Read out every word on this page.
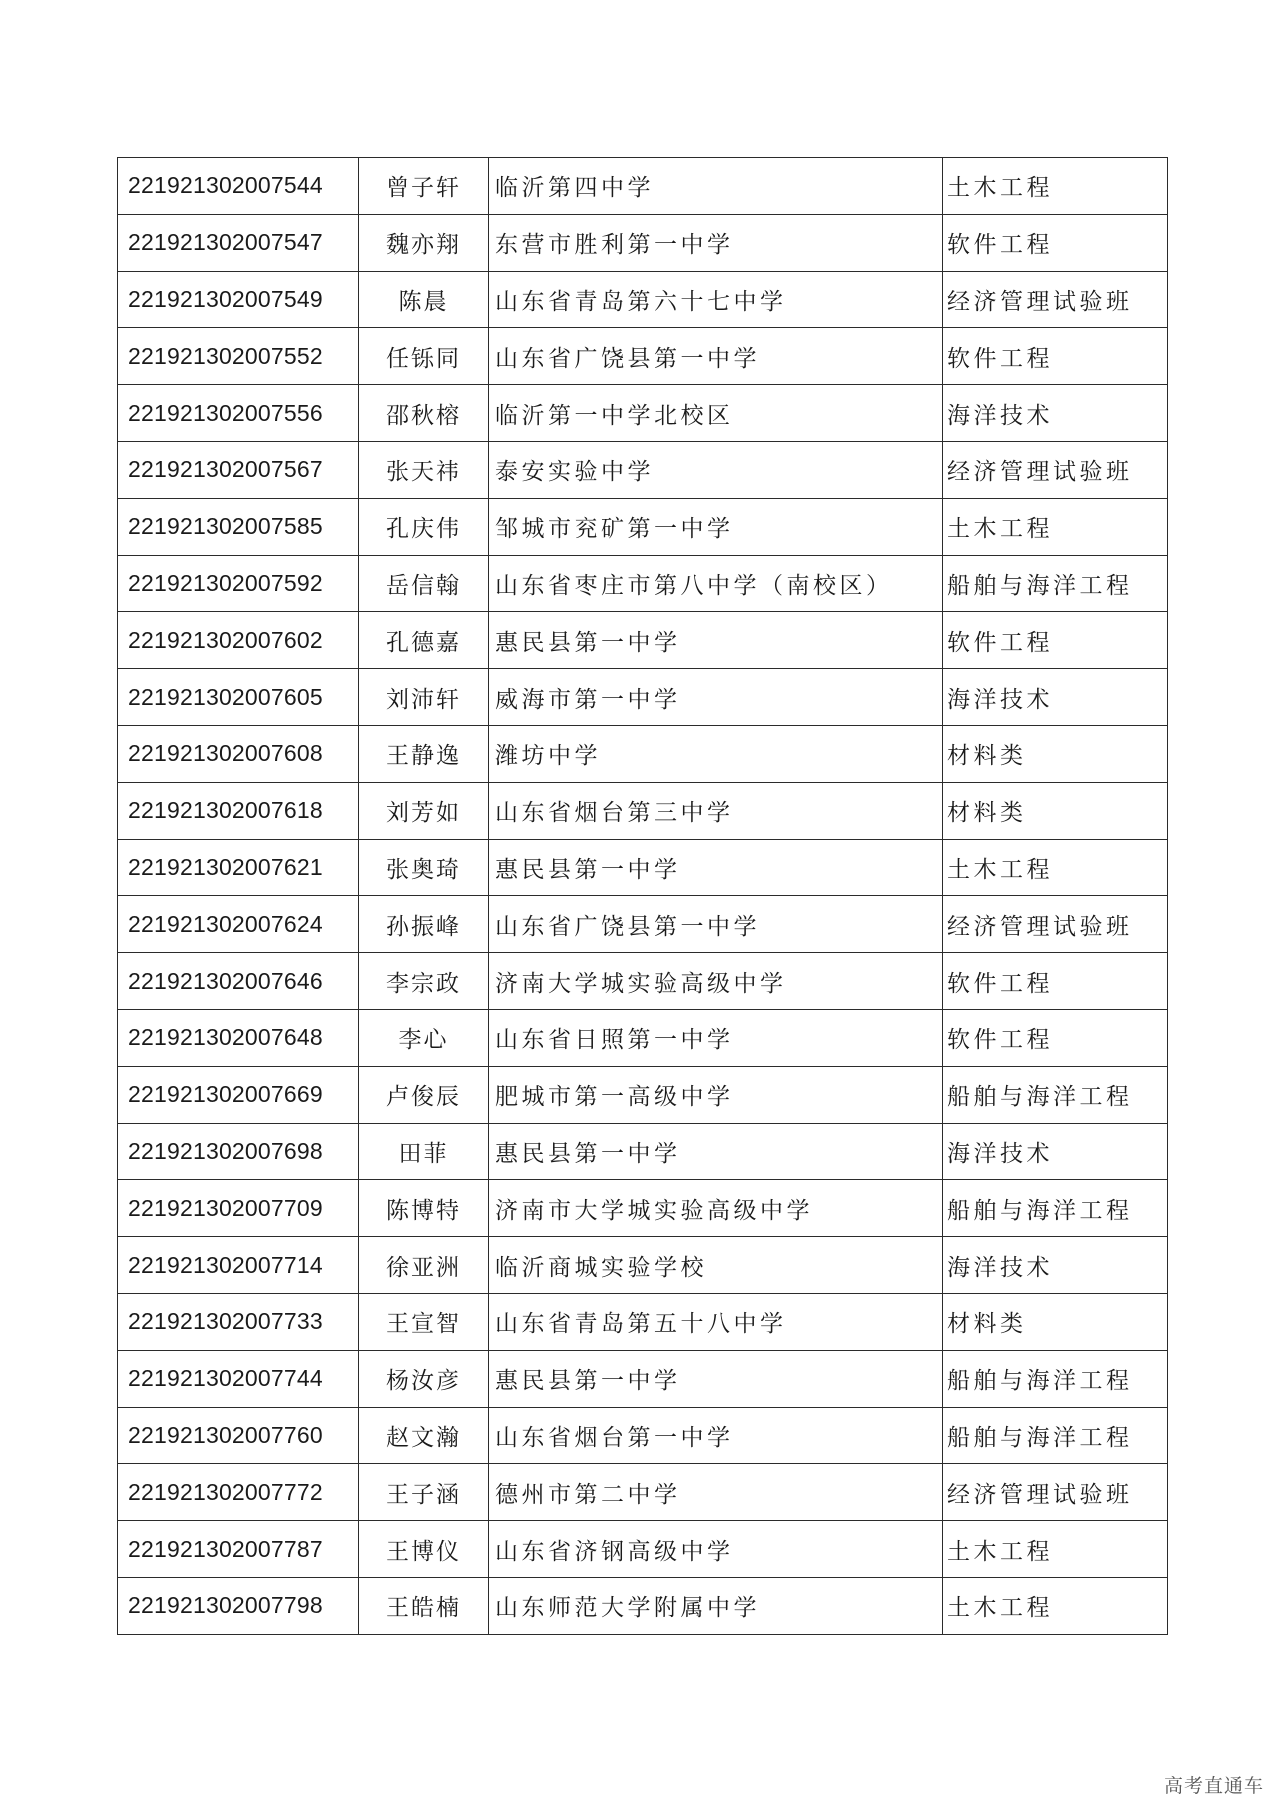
221921302007544	曾子轩	临沂第四中学	土木工程
221921302007547	魏亦翔	东营市胜利第一中学	软件工程
221921302007549	陈晨	山东省青岛第六十七中学	经济管理试验班
221921302007552	任铄同	山东省广饶县第一中学	软件工程
221921302007556	邵秋榕	临沂第一中学北校区	海洋技术
221921302007567	张天祎	泰安实验中学	经济管理试验班
221921302007585	孔庆伟	邹城市兖矿第一中学	土木工程
221921302007592	岳信翰	山东省枣庄市第八中学（南校区）	船舶与海洋工程
221921302007602	孔德嘉	惠民县第一中学	软件工程
221921302007605	刘沛轩	威海市第一中学	海洋技术
221921302007608	王静逸	潍坊中学	材料类
221921302007618	刘芳如	山东省烟台第三中学	材料类
221921302007621	张奥琦	惠民县第一中学	土木工程
221921302007624	孙振峰	山东省广饶县第一中学	经济管理试验班
221921302007646	李宗政	济南大学城实验高级中学	软件工程
221921302007648	李心	山东省日照第一中学	软件工程
221921302007669	卢俊辰	肥城市第一高级中学	船舶与海洋工程
221921302007698	田菲	惠民县第一中学	海洋技术
221921302007709	陈博特	济南市大学城实验高级中学	船舶与海洋工程
221921302007714	徐亚洲	临沂商城实验学校	海洋技术
221921302007733	王宣智	山东省青岛第五十八中学	材料类
221921302007744	杨汝彦	惠民县第一中学	船舶与海洋工程
221921302007760	赵文瀚	山东省烟台第一中学	船舶与海洋工程
221921302007772	王子涵	德州市第二中学	经济管理试验班
221921302007787	王博仪	山东省济钢高级中学	土木工程
221921302007798	王皓楠	山东师范大学附属中学	土木工程
高考直通车
